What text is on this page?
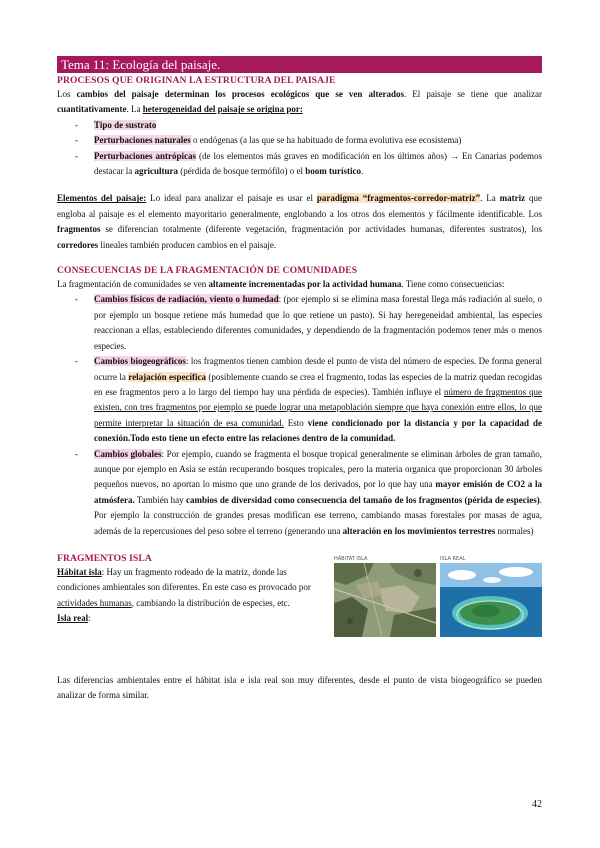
Tema 11: Ecología del paisaje.
PROCESOS QUE ORIGINAN LA ESTRUCTURA DEL PAISAJE

Los cambios del paisaje determinan los procesos ecológicos que se ven alterados. El paisaje se tiene que analizar cuantitativamente. La heterogeneidad del paisaje se origina por:

- Tipo de sustrato
- Perturbaciones naturales o endógenas (a las que se ha habituado de forma evolutiva ese ecosistema)
- Perturbaciones antrópicas (de los elementos más graves en modificación en los últimos años) → En Canarias podemos destacar la agricultura (pérdida de bosque termófilo) o el boom turístico.

Elementos del paisaje: Lo ideal para analizar el paisaje es usar el paradigma “fragmentos-corredor-matriz”. La matriz que engloba al paisaje es el elemento mayoritario generalmente, englobando a los otros dos elementos y fácilmente identificable. Los fragmentos se diferencian totalmente (diferente vegetación, fragmentación por actividades humanas, diferentes sustratos), los corredores lineales también producen cambios en el paisaje.

CONSECUENCIAS DE LA FRAGMENTACIÓN DE COMUNIDADES

La fragmentación de comunidades se ven altamente incrementadas por la actividad humana. Tiene como consecuencias:

- Cambios físicos de radiación, viento o humedad: (por ejemplo si se elimina masa forestal llega más radiación al suelo, o por ejemplo un bosque retiene más humedad que lo que retiene un pasto). Si hay heregeneidad ambiental, las especies reaccionan a ellas, estableciendo diferentes comunidades, y dependiendo de la fragmentación podemos tener más o menos especies.
- Cambios biogeográficos: los fragmentos tienen cambion desde el punto de vista del número de especies. De forma general ocurre la relajación específica (posiblemente cuando se crea el fragmento, todas las especies de la matriz quedan recogidas en ese fragmentos pero a lo largo del tiempo hay una pérdida de especies). También influye el número de fragmentos que existen, con tres fragmentos por ejemplo se puede lograr una metapoblación siempre que haya conexión entre ellos, lo que permite interpretar la situación de esa comunidad. Esto viene condicionado por la distancia y por la capacidad de conexión.Todo esto tiene un efecto entre las relaciones dentro de la comunidad.
- Cambios globales: Por ejemplo, cuando se fragmenta el bosque tropical generalmente se eliminan árboles de gran tamaño, aunque por ejemplo en Asia se están recuperando bosques tropicales, pero la materia organica que proporcionan 30 árboles pequeños nuevos, no aportan lo mismo que uno grande de los derivados, por lo que hay una mayor emisión de CO2 a la atmósfera. También hay cambios de diversidad como consecuencia del tamaño de los fragmentos (périda de especies). Por ejemplo la construcción de grandes presas modifican ese terreno, cambiando masas forestales por masas de agua, además de la repercusiones del peso sobre el terreno (generando una alteración en los movimientos terrestres normales)
FRAGMENTOS ISLA

Hábitat isla: Hay un fragmento rodeado de la matriz, donde las condiciones ambientales son diferentes. En este caso es provocado por actividades humanas, cambiando la distribución de especies, etc.

Isla real:

HÁBITAT ISLA	ISLA REAL

Las diferencias ambientales entre el hábitat isla e isla real son muy diferentes, desde el punto de vista biogeográfico se pueden analizar de forma similar.

42
